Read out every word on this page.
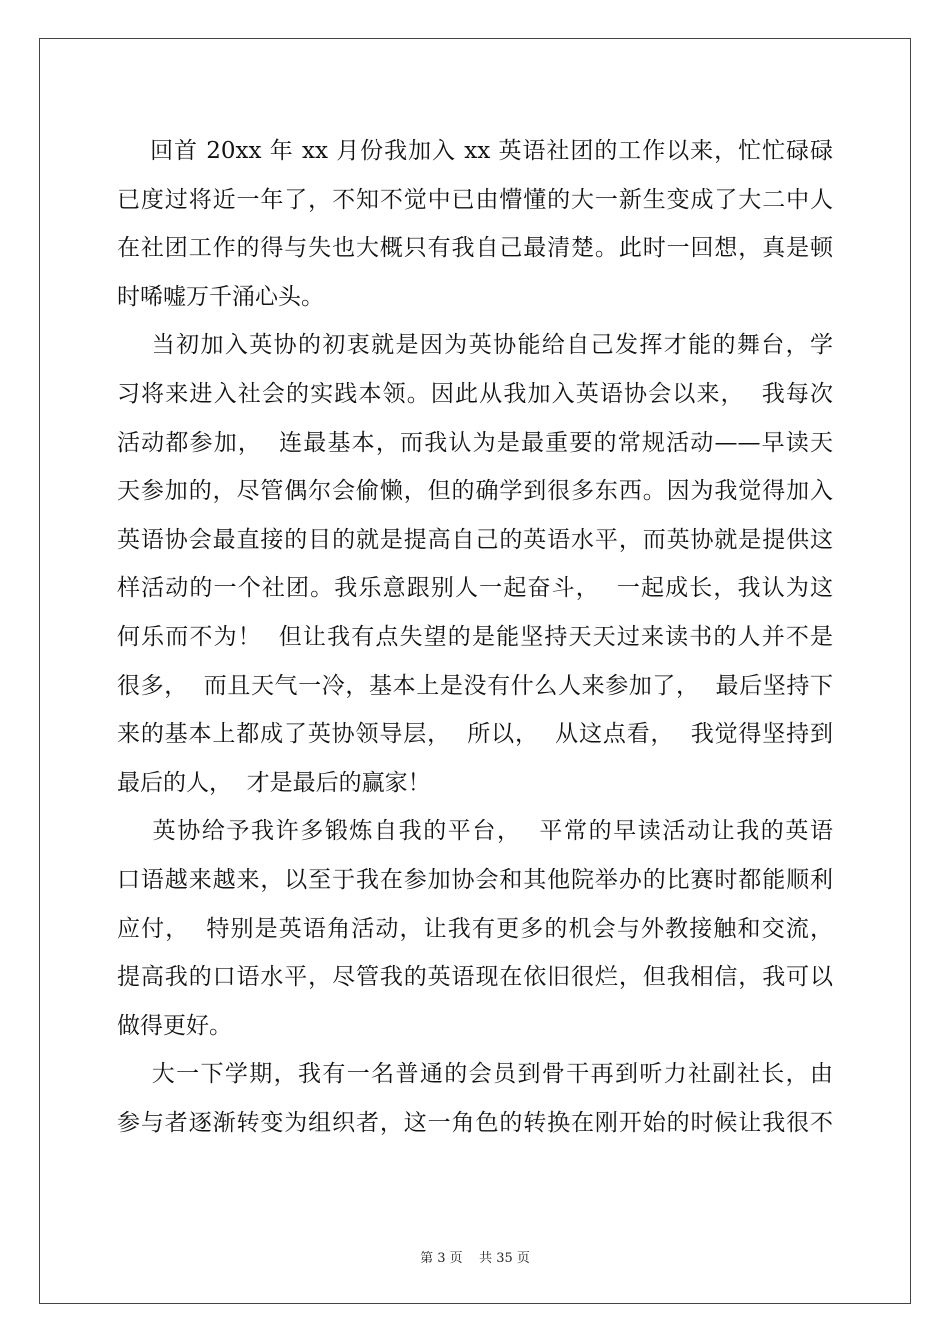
回首 20xx 年 xx 月份我加入 xx 英语社团的工作以来，忙忙碌碌
已度过将近一年了，不知不觉中已由懵懂的大一新生变成了大二中人
在社团工作的得与失也大概只有我自己最清楚。此时一回想，真是顿
时唏嘘万千涌心头。
当初加入英协的初衷就是因为英协能给自己发挥才能的舞台，学
习将来进入社会的实践本领。因此从我加入英语协会以来，  我每次
活动都参加，  连最基本，而我认为是最重要的常规活动——早读天
天参加的，尽管偶尔会偷懒，但的确学到很多东西。因为我觉得加入
英语协会最直接的目的就是提高自己的英语水平，而英协就是提供这
样活动的一个社团。我乐意跟别人一起奋斗，  一起成长，我认为这
何乐而不为！  但让我有点失望的是能坚持天天过来读书的人并不是
很多，  而且天气一冷，基本上是没有什么人来参加了，  最后坚持下
来的基本上都成了英协领导层，  所以，  从这点看，  我觉得坚持到
最后的人，  才是最后的赢家！
英协给予我许多锻炼自我的平台，  平常的早读活动让我的英语
口语越来越来，以至于我在参加协会和其他院举办的比赛时都能顺利
应付，  特别是英语角活动，让我有更多的机会与外教接触和交流，
提高我的口语水平，尽管我的英语现在依旧很烂，但我相信，我可以
做得更好。
大一下学期，我有一名普通的会员到骨干再到听力社副社长，由
参与者逐渐转变为组织者，这一角色的转换在刚开始的时候让我很不
第 3 页    共 35 页
